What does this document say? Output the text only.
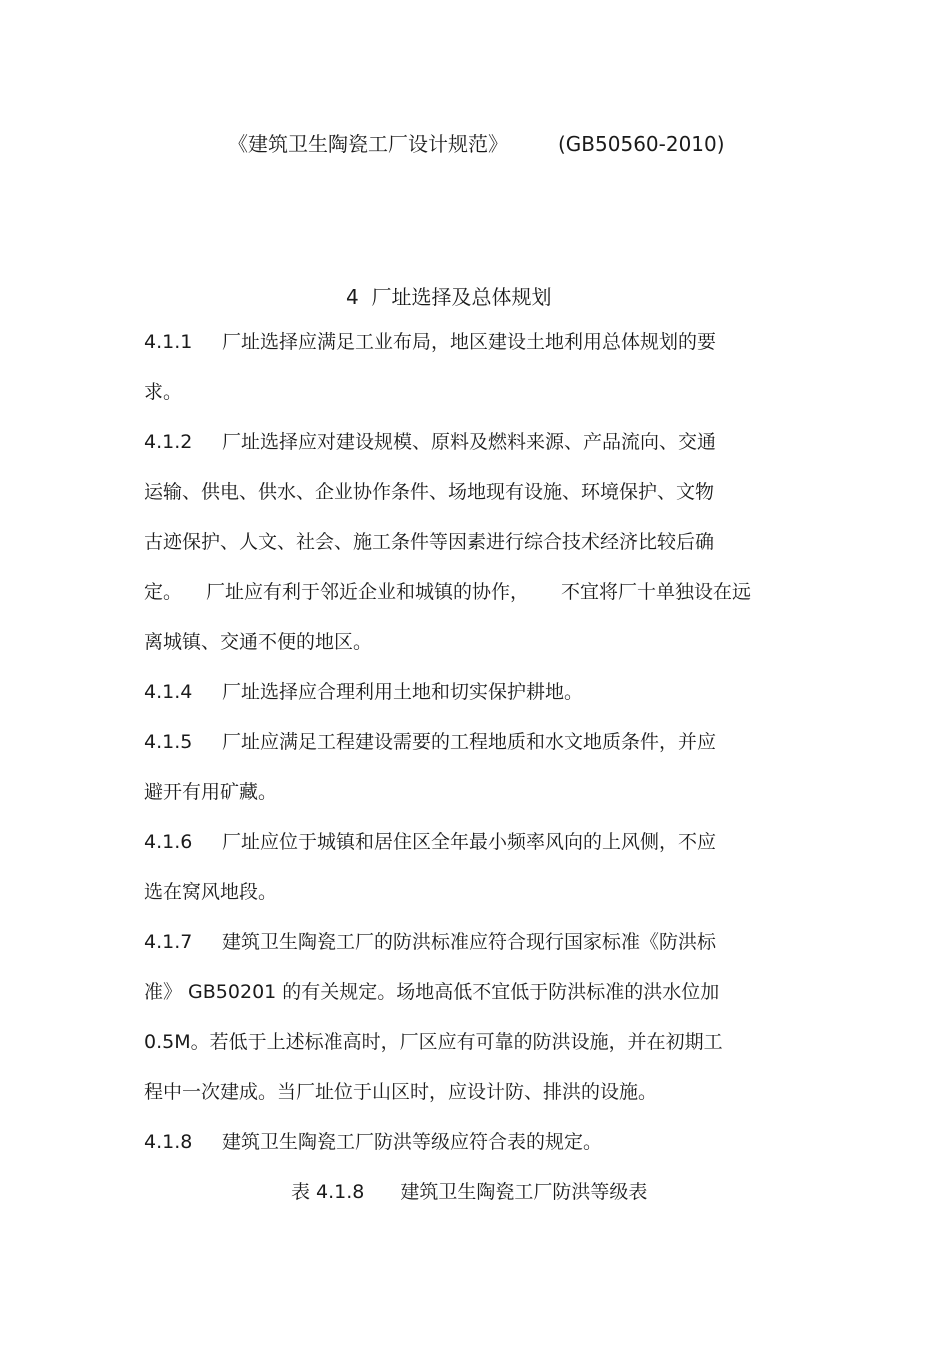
《建筑卫生陶瓷工厂设计规范》	(GB50560-2010)
4  厂址选择及总体规划
4.1.1 厂址选择应满足工业布局，地区建设土地利用总体规划的要
求。
4.1.2 厂址选择应对建设规模、原料及燃料来源、产品流向、交通
运输、供电、供水、企业协作条件、场地现有设施、环境保护、文物
古迹保护、人文、社会、施工条件等因素进行综合技术经济比较后确
定。 厂址应有利于邻近企业和城镇的协作， 不宜将厂十单独设在远
离城镇、交通不便的地区。
4.1.4 厂址选择应合理利用土地和切实保护耕地。
4.1.5 厂址应满足工程建设需要的工程地质和水文地质条件，并应
避开有用矿藏。
4.1.6 厂址应位于城镇和居住区全年最小频率风向的上风侧，不应
选在窝风地段。
4.1.7 建筑卫生陶瓷工厂的防洪标准应符合现行国家标准《防洪标
准》 GB50201 的有关规定。场地高低不宜低于防洪标准的洪水位加
0.5M。若低于上述标准高时，厂区应有可靠的防洪设施，并在初期工
程中一次建成。当厂址位于山区时，应设计防、排洪的设施。
4.1.8 建筑卫生陶瓷工厂防洪等级应符合表的规定。
表 4.1.8 建筑卫生陶瓷工厂防洪等级表
